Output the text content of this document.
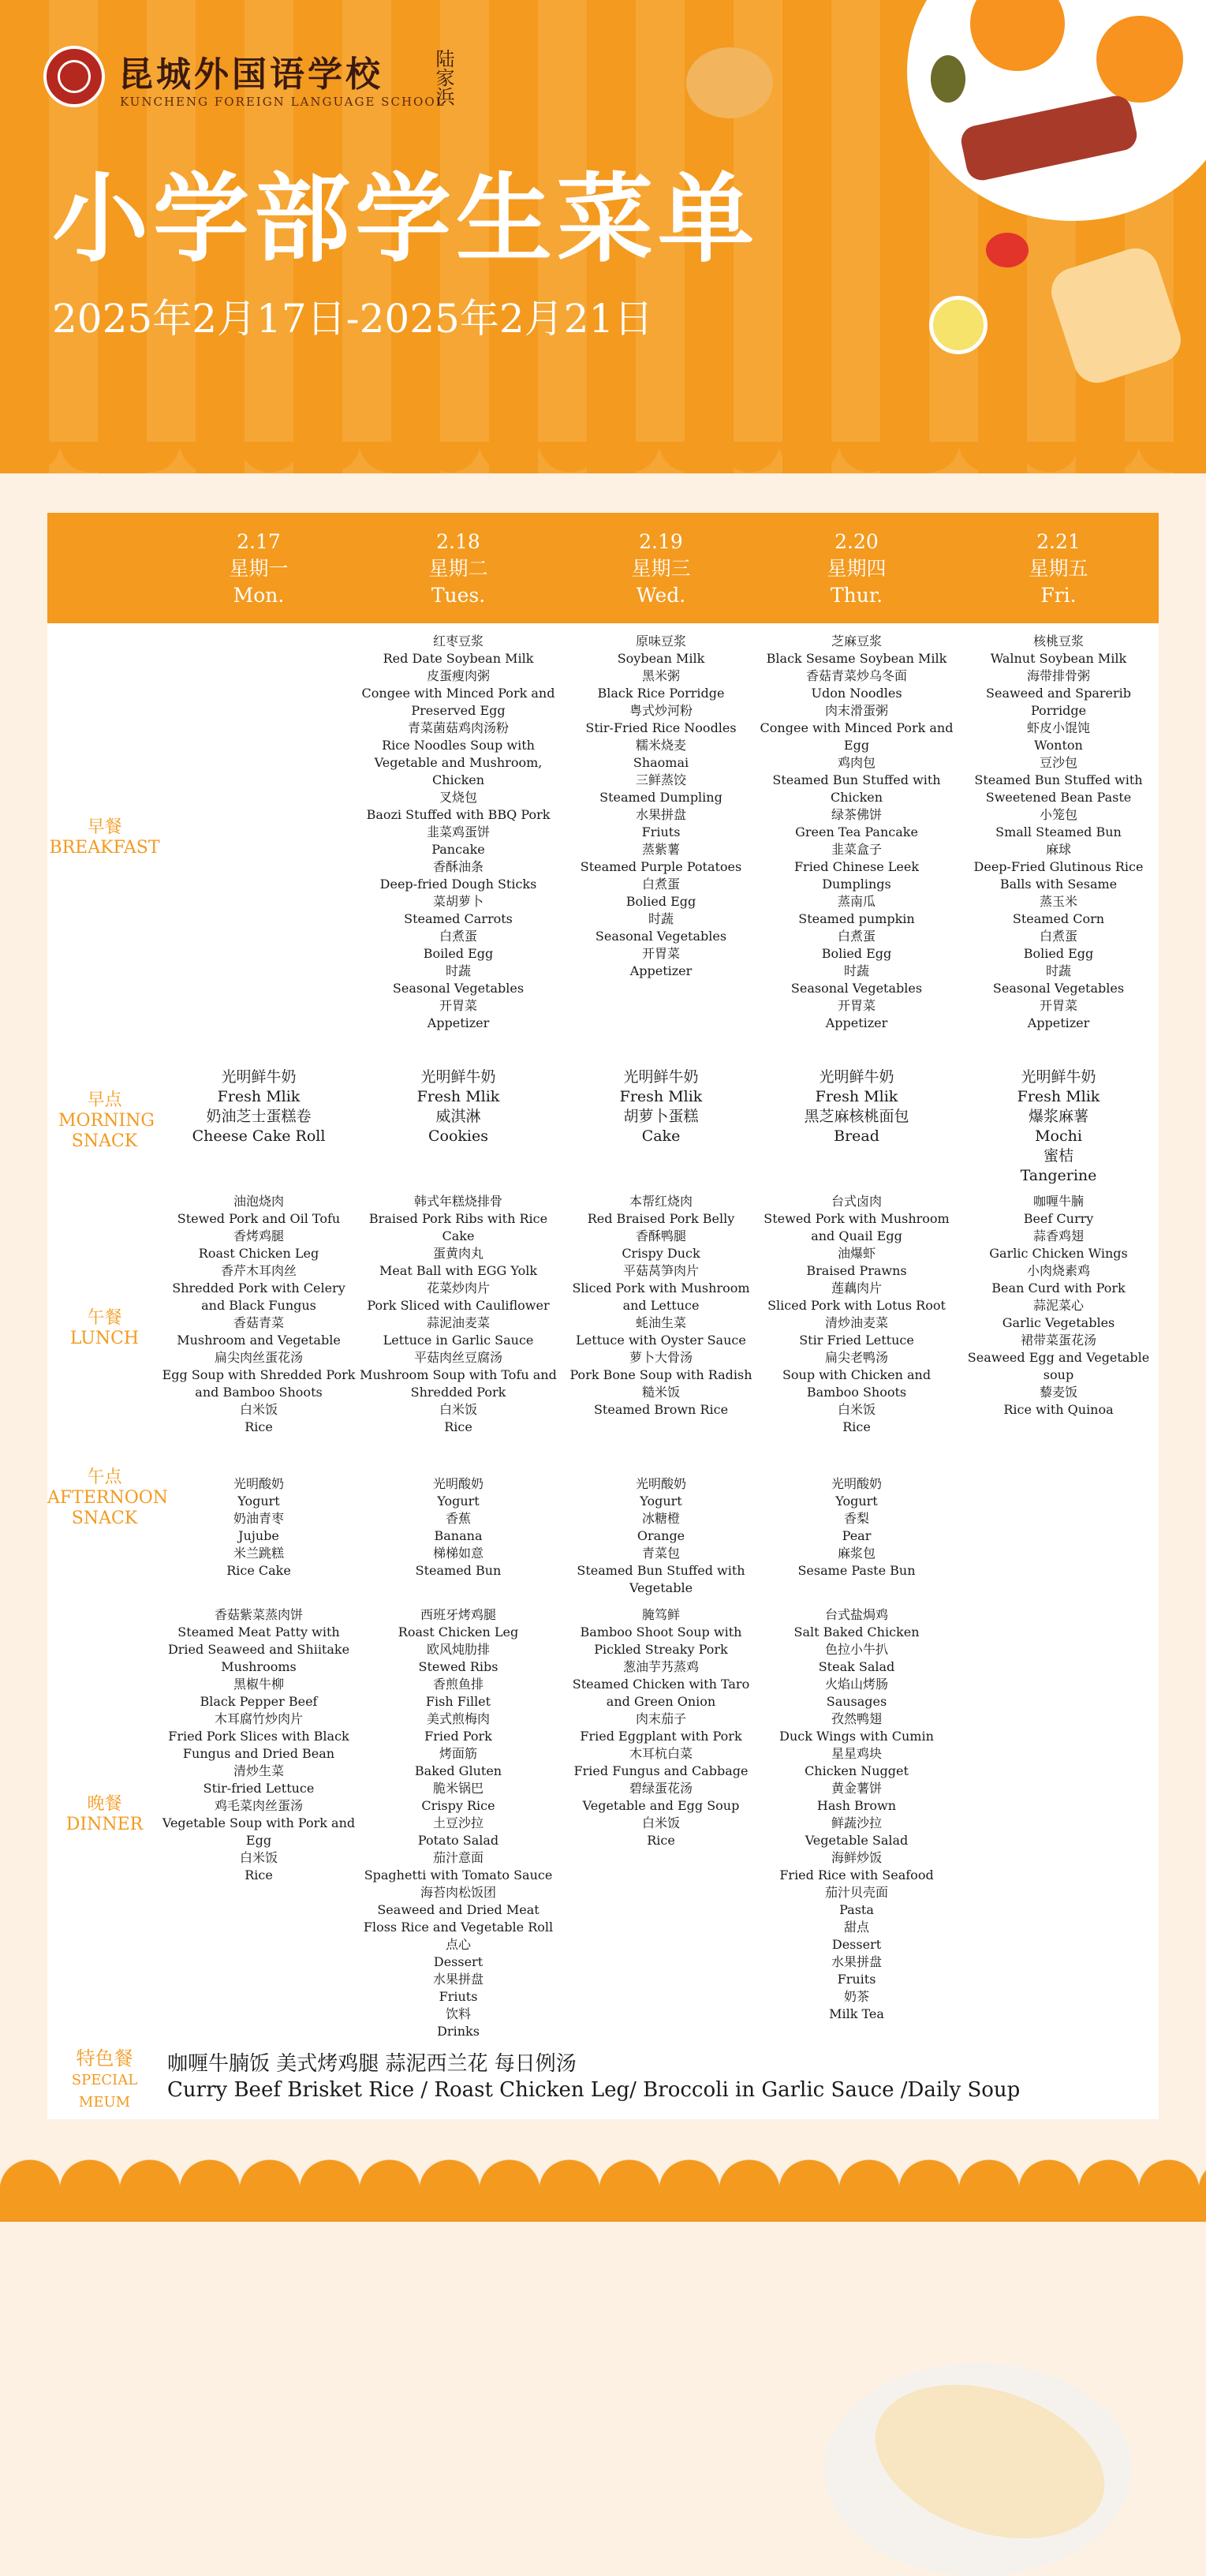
昆城外国语学校
KUNCHENG FOREIGN LANGUAGE SCHOOL
陆家浜
小学部学生菜单
2025年2月17日-2025年2月21日
2.17
星期一
Mon.
2.18
星期二
Tues.
2.19
星期三
Wed.
2.20
星期四
Thur.
2.21
星期五
Fri.
早餐
BREAKFAST
早点
MORNING SNACK
午餐
LUNCH
午点
AFTERNOON SNACK
晚餐
DINNER
红枣豆浆
Red Date Soybean Milk
皮蛋瘦肉粥
Congee with Minced Pork and Preserved Egg
青菜菌菇鸡肉汤粉
Rice Noodles Soup with Vegetable and Mushroom, Chicken
叉烧包
Baozi Stuffed with BBQ Pork
韭菜鸡蛋饼
Pancake
香酥油条
Deep-fried Dough Sticks
菜胡萝卜
Steamed Carrots
白煮蛋
Boiled Egg
时蔬
Seasonal Vegetables
开胃菜
Appetizer
原味豆浆
Soybean Milk
黑米粥
Black Rice Porridge
粤式炒河粉
Stir-Fried Rice Noodles
糯米烧麦
Shaomai
三鲜蒸饺
Steamed Dumpling
水果拼盘
Friuts
蒸紫薯
Steamed Purple Potatoes
白煮蛋
Bolied Egg
时蔬
Seasonal Vegetables
开胃菜
Appetizer
芝麻豆浆
Black Sesame Soybean Milk
香菇青菜炒乌冬面
Udon Noodles
肉末滑蛋粥
Congee with Minced Pork and Egg
鸡肉包
Steamed Bun Stuffed with Chicken
绿茶佛饼
Green Tea Pancake
韭菜盒子
Fried Chinese Leek Dumplings
蒸南瓜
Steamed pumpkin
白煮蛋
Bolied Egg
时蔬
Seasonal Vegetables
开胃菜
Appetizer
核桃豆浆
Walnut Soybean Milk
海带排骨粥
Seaweed and Sparerib Porridge
虾皮小馄饨
Wonton
豆沙包
Steamed Bun Stuffed with Sweetened Bean Paste
小笼包
Small Steamed Bun
麻球
Deep-Fried Glutinous Rice Balls with Sesame
蒸玉米
Steamed Corn
白煮蛋
Bolied Egg
时蔬
Seasonal Vegetables
开胃菜
Appetizer
光明鲜牛奶
Fresh Mlik
奶油芝士蛋糕卷
Cheese Cake Roll
光明鲜牛奶
Fresh Mlik
威淇淋
Cookies
光明鲜牛奶
Fresh Mlik
胡萝卜蛋糕
Cake
光明鲜牛奶
Fresh Mlik
黑芝麻核桃面包
Bread
光明鲜牛奶
Fresh Mlik
爆浆麻薯
Mochi
蜜桔
Tangerine
油泡烧肉
Stewed Pork and Oil Tofu
香烤鸡腿
Roast Chicken Leg
香芹木耳肉丝
Shredded Pork with Celery and Black Fungus
香菇青菜
Mushroom and Vegetable
扁尖肉丝蛋花汤
Egg Soup with Shredded Pork and Bamboo Shoots
白米饭
Rice
韩式年糕烧排骨
Braised Pork Ribs with Rice Cake
蛋黄肉丸
Meat Ball with EGG Yolk
花菜炒肉片
Pork Sliced with Cauliflower
蒜泥油麦菜
Lettuce in Garlic Sauce
平菇肉丝豆腐汤
Mushroom Soup with Tofu and Shredded Pork
白米饭
Rice
本帮红烧肉
Red Braised Pork Belly
香酥鸭腿
Crispy Duck
平菇莴笋肉片
Sliced Pork with Mushroom and Lettuce
蚝油生菜
Lettuce with Oyster Sauce
萝卜大骨汤
Pork Bone Soup with Radish
糙米饭
Steamed Brown Rice
台式卤肉
Stewed Pork with Mushroom and Quail Egg
油爆虾
Braised Prawns
莲藕肉片
Sliced Pork with Lotus Root
清炒油麦菜
Stir Fried Lettuce
扁尖老鸭汤
Soup with Chicken and Bamboo Shoots
白米饭
Rice
咖喱牛腩
Beef Curry
蒜香鸡翅
Garlic Chicken Wings
小肉烧素鸡
Bean Curd with Pork
蒜泥菜心
Garlic Vegetables
裙带菜蛋花汤
Seaweed Egg and Vegetable soup
藜麦饭
Rice with Quinoa
光明酸奶
Yogurt
奶油青枣
Jujube
米兰跳糕
Rice Cake
光明酸奶
Yogurt
香蕉
Banana
梯梯如意
Steamed Bun
光明酸奶
Yogurt
冰糖橙
Orange
青菜包
Steamed Bun Stuffed with Vegetable
光明酸奶
Yogurt
香梨
Pear
麻浆包
Sesame Paste Bun
香菇紫菜蒸肉饼
Steamed Meat Patty with Dried Seaweed and Shiitake Mushrooms
黑椒牛柳
Black Pepper Beef
木耳腐竹炒肉片
Fried Pork Slices with Black Fungus and Dried Bean
清炒生菜
Stir-fried Lettuce
鸡毛菜肉丝蛋汤
Vegetable Soup with Pork and Egg
白米饭
Rice
西班牙烤鸡腿
Roast Chicken Leg
欧风炖肋排
Stewed Ribs
香煎鱼排
Fish Fillet
美式煎梅肉
Fried Pork
烤面筋
Baked Gluten
脆米锅巴
Crispy Rice
土豆沙拉
Potato Salad
茄汁意面
Spaghetti with Tomato Sauce
海苔肉松饭团
Seaweed and Dried Meat Floss Rice and Vegetable Roll
点心
Dessert
水果拼盘
Friuts
饮料
Drinks
腌笃鲜
Bamboo Shoot Soup with Pickled Streaky Pork
葱油芋艿蒸鸡
Steamed Chicken with Taro and Green Onion
肉末茄子
Fried Eggplant with Pork
木耳杭白菜
Fried Fungus and Cabbage
碧绿蛋花汤
Vegetable and Egg Soup
白米饭
Rice
台式盐焗鸡
Salt Baked Chicken
色拉小牛扒
Steak Salad
火焰山烤肠
Sausages
孜然鸭翅
Duck Wings with Cumin
星星鸡块
Chicken Nugget
黄金薯饼
Hash Brown
鲜蔬沙拉
Vegetable Salad
海鲜炒饭
Fried Rice with Seafood
茄汁贝壳面
Pasta
甜点
Dessert
水果拼盘
Fruits
奶茶
Milk Tea
特色餐
SPECIAL MEUM
咖喱牛腩饭 美式烤鸡腿 蒜泥西兰花 每日例汤
Curry Beef Brisket Rice / Roast Chicken Leg/ Broccoli in Garlic Sauce /Daily Soup
